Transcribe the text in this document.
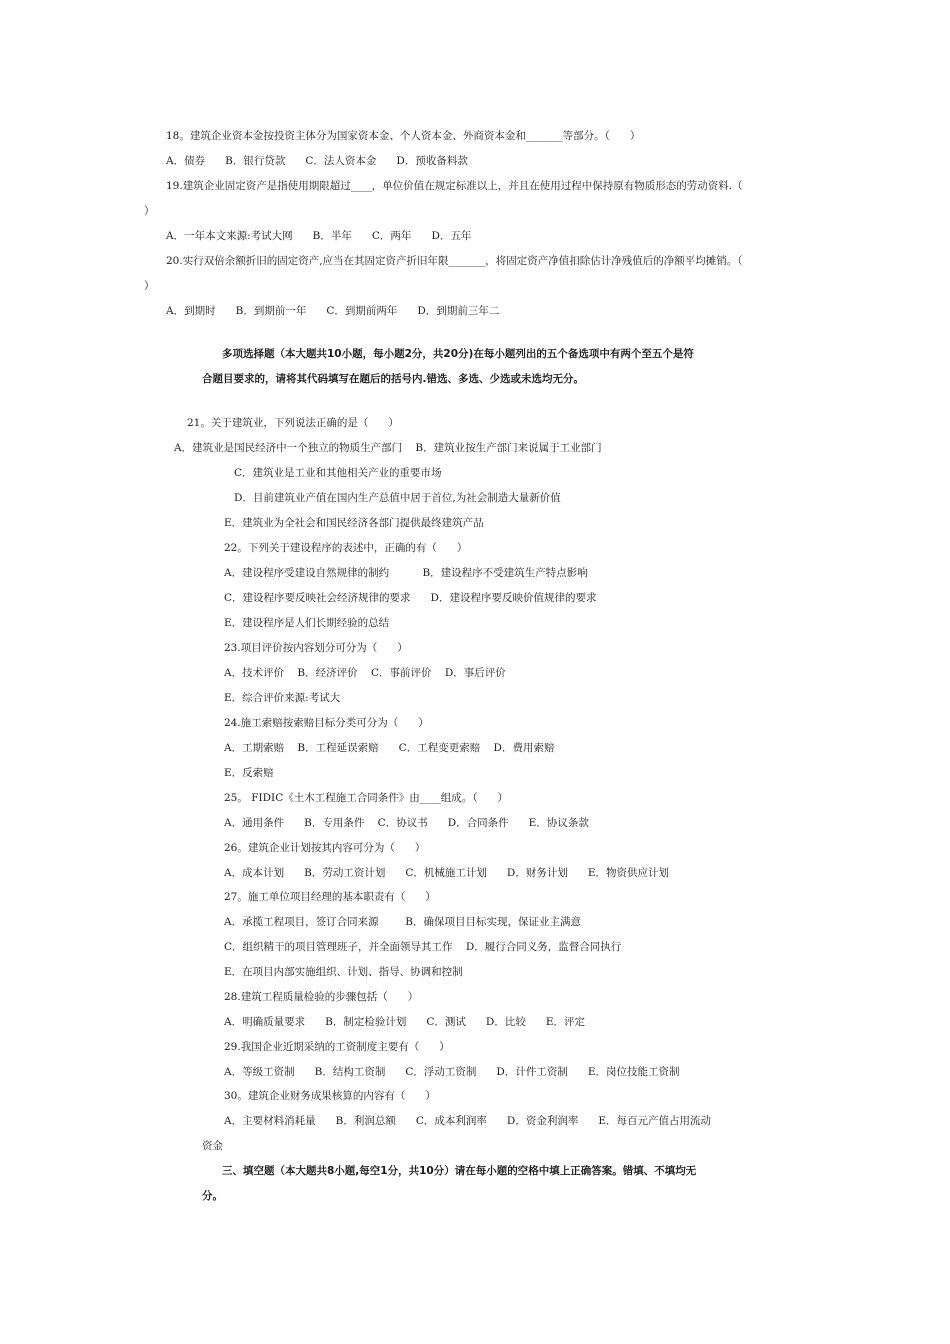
18。建筑企业资本金按投资主体分为国家资本金、个人资本金、外商资本金和_______等部分。（      ）
A．债券      B．银行贷款      C．法人资本金      D．预收备料款
19.建筑企业固定资产是指使用期限超过____，单位价值在规定标准以上，并且在使用过程中保持原有物质形态的劳动资料.（
）
A．一年本文来源:考试大网      B．半年      C．两年      D．五年
20.实行双倍余额折旧的固定资产,应当在其固定资产折旧年限_______，将固定资产净值扣除估计净残值后的净额平均摊销。（
）
A．到期时      B．到期前一年      C．到期前两年      D．到期前三年二
多项选择题（本大题共10小题，每小题2分，共20分)在每小题列出的五个备选项中有两个至五个是符
合题目要求的，请将其代码填写在题后的括号内.错选、多选、少选或未选均无分。
21。关于建筑业，下列说法正确的是（      ）
A．建筑业是国民经济中一个独立的物质生产部门    B．建筑业按生产部门来说属于工业部门
C．建筑业是工业和其他相关产业的重要市场
D．目前建筑业产值在国内生产总值中居于首位,为社会制造大量新价值
E．建筑业为全社会和国民经济各部门提供最终建筑产品
22。下列关于建设程序的表述中，正确的有（      ）
A．建设程序受建设自然规律的制约          B．建设程序不受建筑生产特点影响
C．建设程序要反映社会经济规律的要求      D．建设程序要反映价值规律的要求
E．建设程序是人们长期经验的总结
23.项目评价按内容划分可分为（      ）
A．技术评价    B．经济评价    C．事前评价    D．事后评价
E．综合评价来源:考试大
24.施工索赔按索赔目标分类可分为（      ）
A．工期索赔    B．工程延误索赔      C．工程变更索赔    D．费用索赔
E．反索赔
25。 FIDIC《土木工程施工合同条件》由____组成。（      ）
A．通用条件      B．专用条件    C．协议书      D．合同条件      E．协议条款
26。建筑企业计划按其内容可分为（      ）
A．成本计划      B．劳动工资计划      C．机械施工计划      D．财务计划      E．物资供应计划
27。施工单位项目经理的基本职责有（      ）
A．承揽工程项目，签订合同来源        B．确保项目目标实现，保证业主满意
C．组织精干的项目管理班子，并全面领导其工作    D．履行合同义务，监督合同执行
E．在项目内部实施组织、计划、指导、协调和控制
28.建筑工程质量检验的步骤包括（      ）
A．明确质量要求      B．制定检验计划      C．测试      D．比较      E．评定
29.我国企业近期采纳的工资制度主要有（      ）
A．等级工资制      B．结构工资制      C．浮动工资制      D．计件工资制      E．岗位技能工资制
30。建筑企业财务成果核算的内容有（      ）
A．主要材料消耗量      B．利润总额      C．成本利润率      D．资金利润率      E．每百元产值占用流动
资金
三、填空题（本大题共8小题,每空1分，共10分）请在每小题的空格中填上正确答案。错填、不填均无
分。
